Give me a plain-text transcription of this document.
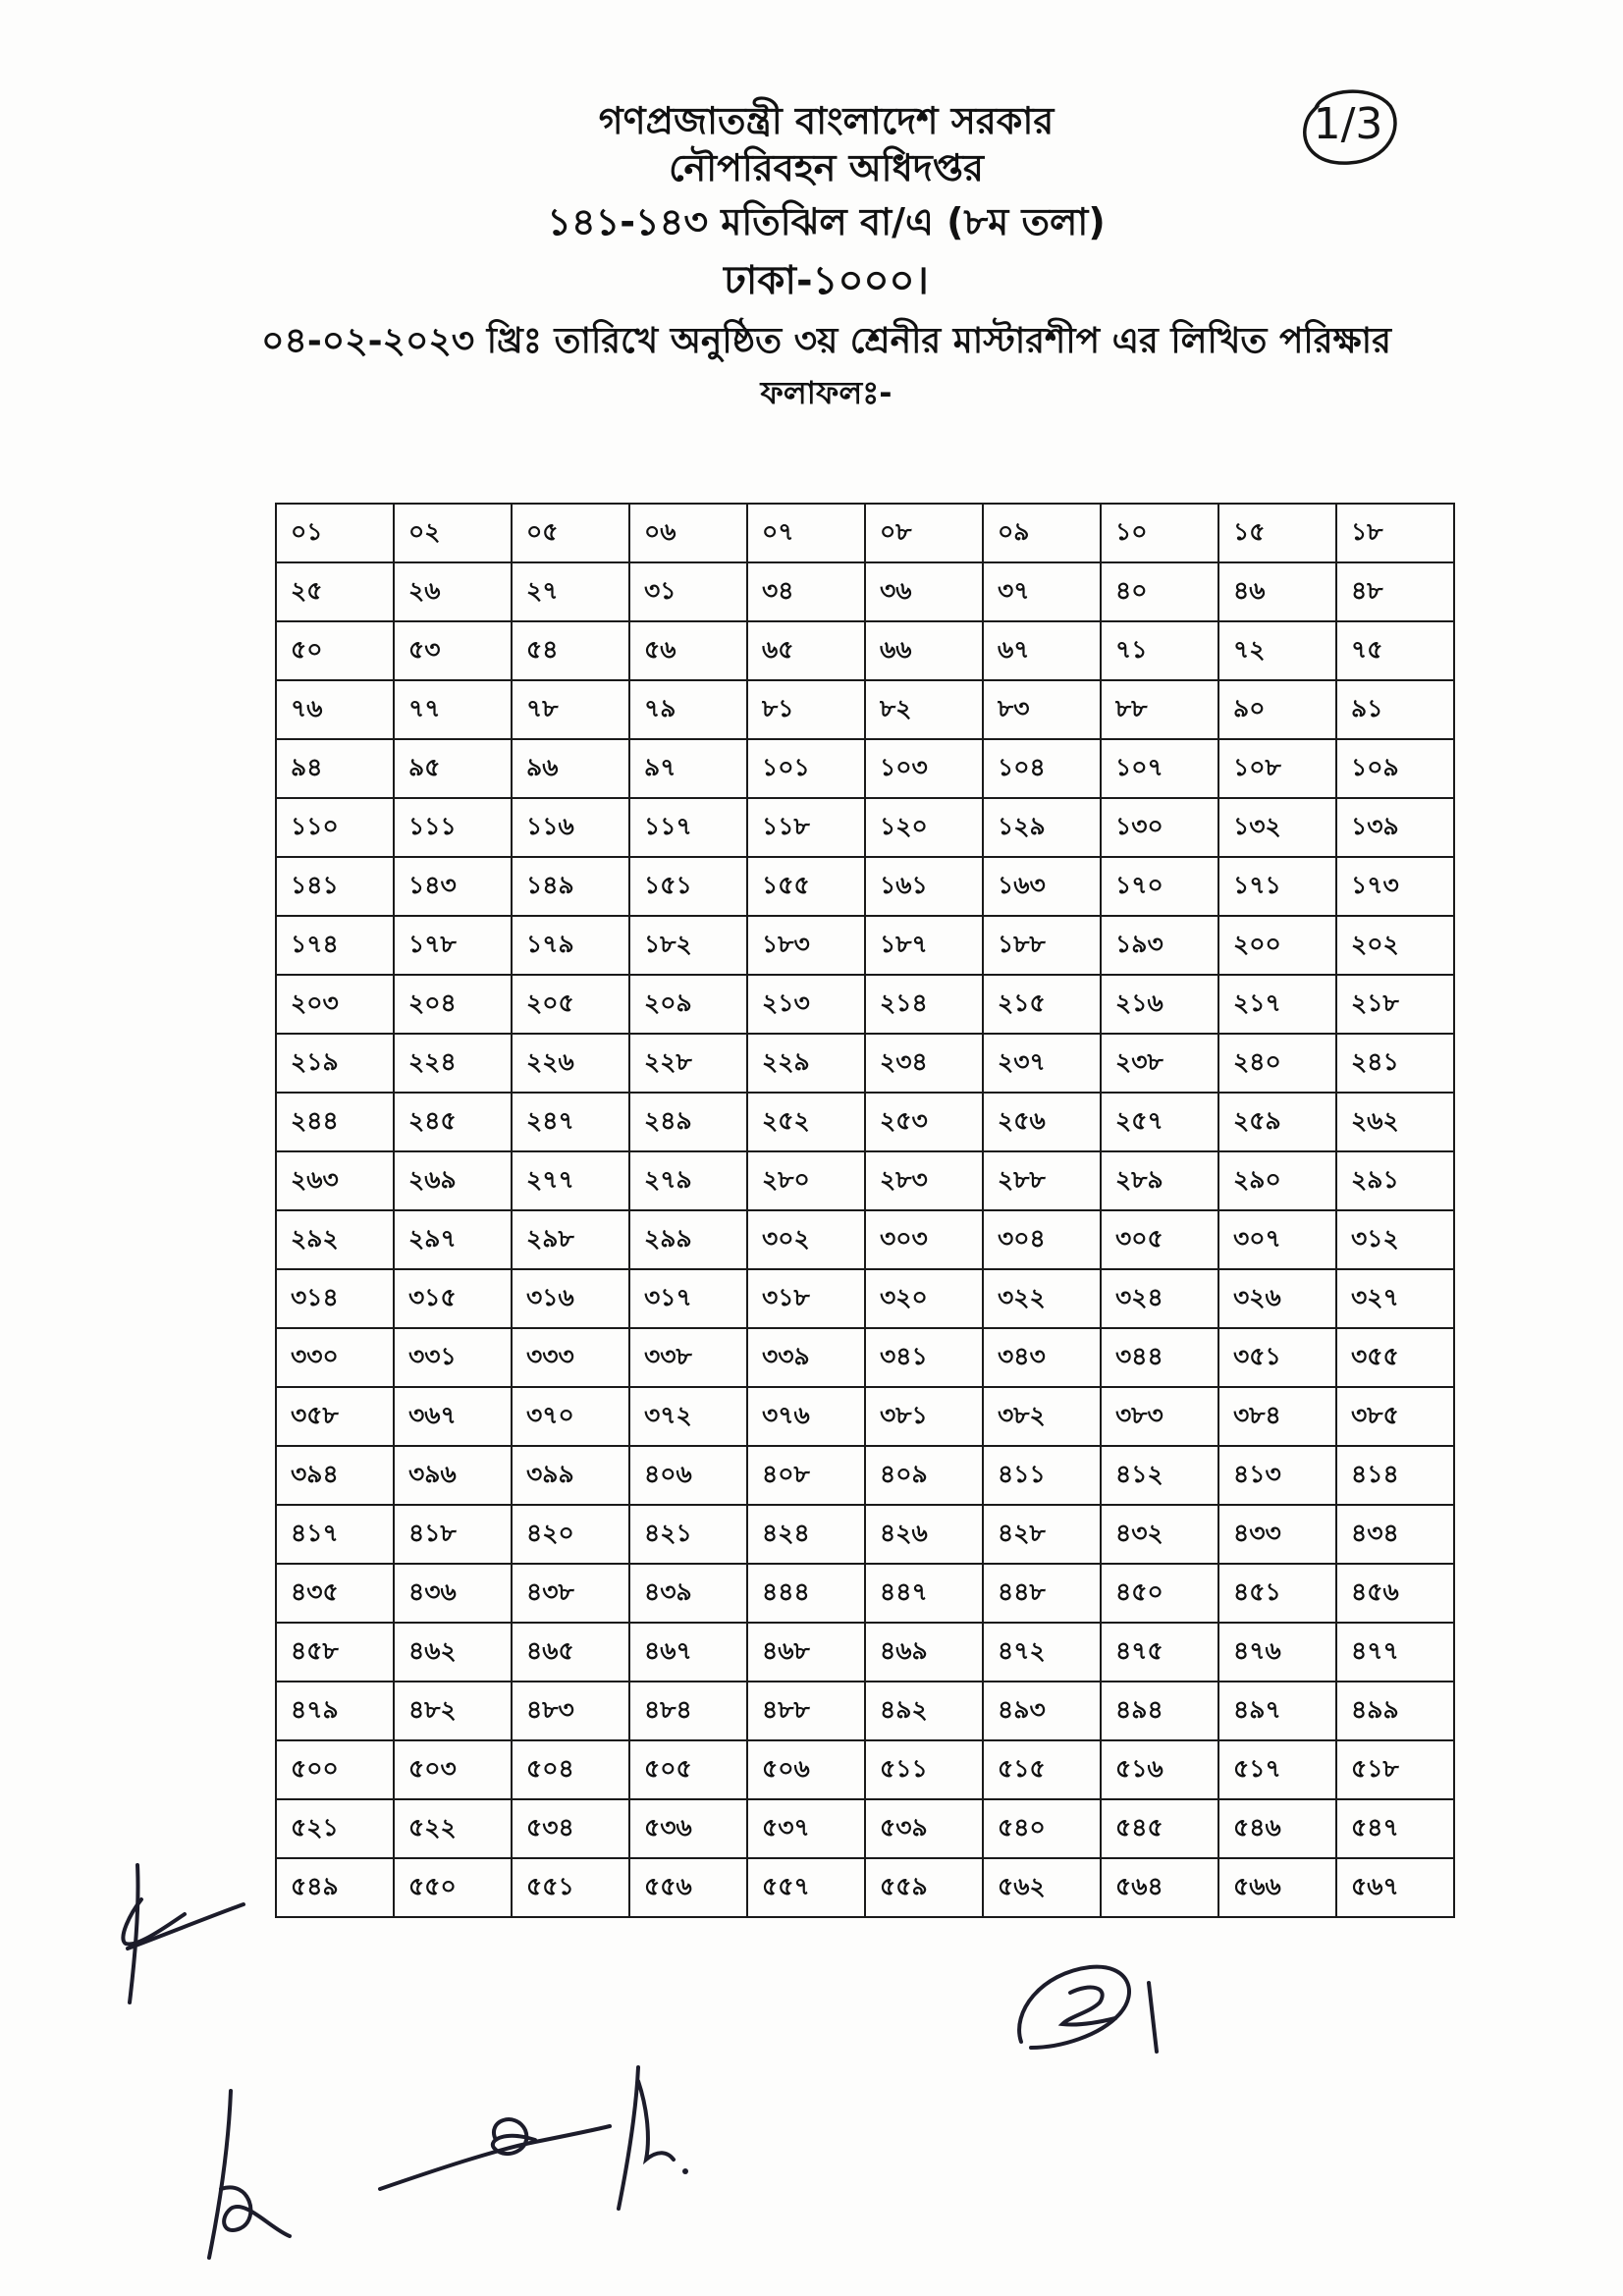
গণপ্রজাতন্ত্রী বাংলাদেশ সরকার
নৌপরিবহন অধিদপ্তর
১৪১-১৪৩ মতিঝিল বা/এ (৮ম তলা)
ঢাকা-১০০০।
০৪-০২-২০২৩ খ্রিঃ তারিখে অনুষ্ঠিত ৩য় শ্রেনীর মাস্টারশীপ এর লিখিত পরিক্ষার
ফলাফলঃ-
1/3
০১	০২	০৫	০৬	০৭	০৮	০৯	১০	১৫	১৮
২৫	২৬	২৭	৩১	৩৪	৩৬	৩৭	৪০	৪৬	৪৮
৫০	৫৩	৫৪	৫৬	৬৫	৬৬	৬৭	৭১	৭২	৭৫
৭৬	৭৭	৭৮	৭৯	৮১	৮২	৮৩	৮৮	৯০	৯১
৯৪	৯৫	৯৬	৯৭	১০১	১০৩	১০৪	১০৭	১০৮	১০৯
১১০	১১১	১১৬	১১৭	১১৮	১২০	১২৯	১৩০	১৩২	১৩৯
১৪১	১৪৩	১৪৯	১৫১	১৫৫	১৬১	১৬৩	১৭০	১৭১	১৭৩
১৭৪	১৭৮	১৭৯	১৮২	১৮৩	১৮৭	১৮৮	১৯৩	২০০	২০২
২০৩	২০৪	২০৫	২০৯	২১৩	২১৪	২১৫	২১৬	২১৭	২১৮
২১৯	২২৪	২২৬	২২৮	২২৯	২৩৪	২৩৭	২৩৮	২৪০	২৪১
২৪৪	২৪৫	২৪৭	২৪৯	২৫২	২৫৩	২৫৬	২৫৭	২৫৯	২৬২
২৬৩	২৬৯	২৭৭	২৭৯	২৮০	২৮৩	২৮৮	২৮৯	২৯০	২৯১
২৯২	২৯৭	২৯৮	২৯৯	৩০২	৩০৩	৩০৪	৩০৫	৩০৭	৩১২
৩১৪	৩১৫	৩১৬	৩১৭	৩১৮	৩২০	৩২২	৩২৪	৩২৬	৩২৭
৩৩০	৩৩১	৩৩৩	৩৩৮	৩৩৯	৩৪১	৩৪৩	৩৪৪	৩৫১	৩৫৫
৩৫৮	৩৬৭	৩৭০	৩৭২	৩৭৬	৩৮১	৩৮২	৩৮৩	৩৮৪	৩৮৫
৩৯৪	৩৯৬	৩৯৯	৪০৬	৪০৮	৪০৯	৪১১	৪১২	৪১৩	৪১৪
৪১৭	৪১৮	৪২০	৪২১	৪২৪	৪২৬	৪২৮	৪৩২	৪৩৩	৪৩৪
৪৩৫	৪৩৬	৪৩৮	৪৩৯	৪৪৪	৪৪৭	৪৪৮	৪৫০	৪৫১	৪৫৬
৪৫৮	৪৬২	৪৬৫	৪৬৭	৪৬৮	৪৬৯	৪৭২	৪৭৫	৪৭৬	৪৭৭
৪৭৯	৪৮২	৪৮৩	৪৮৪	৪৮৮	৪৯২	৪৯৩	৪৯৪	৪৯৭	৪৯৯
৫০০	৫০৩	৫০৪	৫০৫	৫০৬	৫১১	৫১৫	৫১৬	৫১৭	৫১৮
৫২১	৫২২	৫৩৪	৫৩৬	৫৩৭	৫৩৯	৫৪০	৫৪৫	৫৪৬	৫৪৭
৫৪৯	৫৫০	৫৫১	৫৫৬	৫৫৭	৫৫৯	৫৬২	৫৬৪	৫৬৬	৫৬৭
